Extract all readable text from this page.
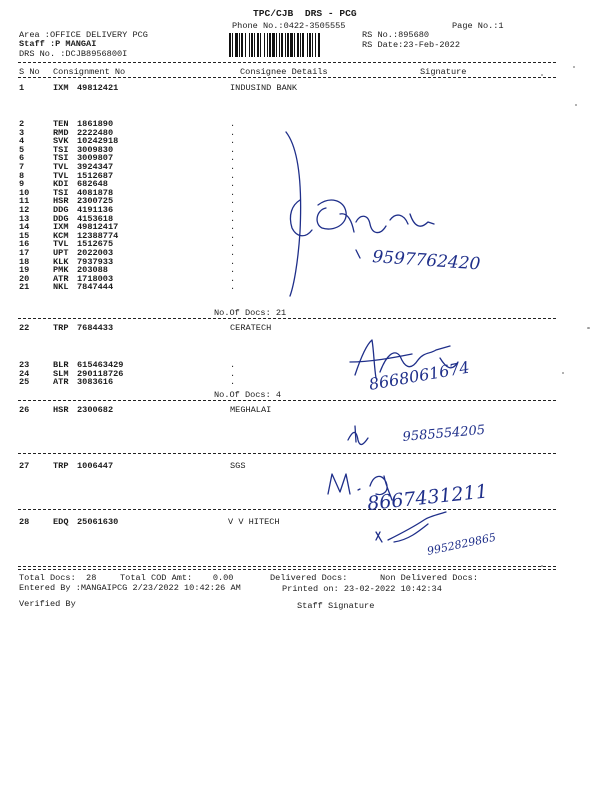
TPC/CJB  DRS - PCG
Phone No.:0422-3505555	Page No.:1
Area :OFFICE DELIVERY PCG
Staff :P MANGAI
DRS No. :DCJB8956800I
RS No.:895680
RS Date:23-Feb-2022
S No Consignment No	Consignee Details	Signature
1	IXM 49812421	INDUSIND BANK
2	TEN 1861890	.
3	RMD 2222480	.
4	SVK 10242918	.
5	TSI 3009830	.
6	TSI 3009807	.
7	TVL 3924347	.
8	TVL 1512687	.
9	KDI 682648	.
10	TSI 4081878	.
11	HSR 2300725	.
12	DDG 4191136	.
13	DDG 4153618	.
14	IXM 49812417	.
15	KCM 12388774	.
16	TVL 1512675	.
17	UPT 2022003	.
18	KLK 7937933	.
19	PMK 203088	.
20	ATR 1718003	.
21	NKL 7847444	.
No.Of Docs: 21
22	TRP 7684433	CERATECH
23	BLR 615463429	.
24	SLM 290118726	.
25	ATR 3083616	.
No.Of Docs: 4
26	HSR 2300682	MEGHALAI
27	TRP 1006447	SGS
28	EDQ 25061630	V V HITECH
Total Docs:  28	Total COD Amt:    0.00	Delivered Docs:	Non Delivered Docs:
Entered By :MANGAIPCG 2/23/2022 10:42:26 AM	Printed on: 23-02-2022 10:42:34
Verified By	Staff Signature
9597762420
8668061674
9585554205
8667431211
9952829865
